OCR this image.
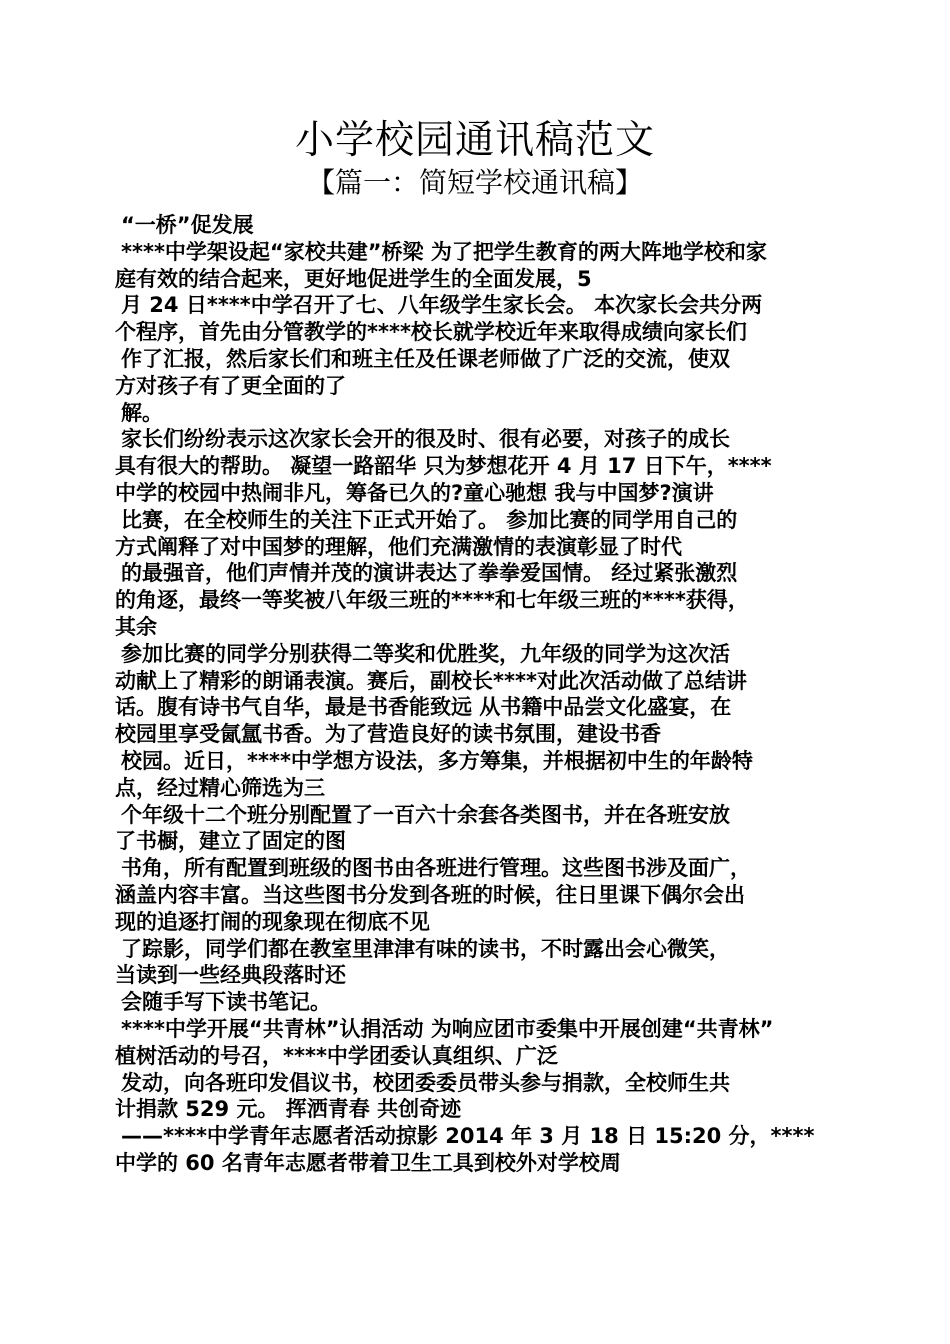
小学校园通讯稿范文
【篇一：简短学校通讯稿】
“一桥”促发展
****中学架设起“家校共建”桥梁 为了把学生教育的两大阵地学校和家
庭有效的结合起来，更好地促进学生的全面发展，5
月 24 日****中学召开了七、八年级学生家长会。 本次家长会共分两
个程序，首先由分管教学的****校长就学校近年来取得成绩向家长们
作了汇报，然后家长们和班主任及任课老师做了广泛的交流，使双
方对孩子有了更全面的了
解。
家长们纷纷表示这次家长会开的很及时、很有必要，对孩子的成长
具有很大的帮助。 凝望一路韶华 只为梦想花开 4 月 17 日下午，****
中学的校园中热闹非凡，筹备已久的?童心驰想 我与中国梦?演讲
比赛，在全校师生的关注下正式开始了。 参加比赛的同学用自己的
方式阐释了对中国梦的理解，他们充满激情的表演彰显了时代
的最强音，他们声情并茂的演讲表达了拳拳爱国情。 经过紧张激烈
的角逐，最终一等奖被八年级三班的****和七年级三班的****获得，
其余
参加比赛的同学分别获得二等奖和优胜奖，九年级的同学为这次活
动献上了精彩的朗诵表演。赛后，副校长****对此次活动做了总结讲
话。腹有诗书气自华，最是书香能致远 从书籍中品尝文化盛宴，在
校园里享受氤氲书香。为了营造良好的读书氛围，建设书香
校园。近日，****中学想方设法，多方筹集，并根据初中生的年龄特
点，经过精心筛选为三
个年级十二个班分别配置了一百六十余套各类图书，并在各班安放
了书橱，建立了固定的图
书角，所有配置到班级的图书由各班进行管理。这些图书涉及面广，
涵盖内容丰富。当这些图书分发到各班的时候，往日里课下偶尔会出
现的追逐打闹的现象现在彻底不见
了踪影，同学们都在教室里津津有味的读书，不时露出会心微笑，
当读到一些经典段落时还
会随手写下读书笔记。
****中学开展“共青林”认捐活动 为响应团市委集中开展创建“共青林”
植树活动的号召，****中学团委认真组织、广泛
发动，向各班印发倡议书，校团委委员带头参与捐款，全校师生共
计捐款 529 元。 挥洒青春 共创奇迹
——****中学青年志愿者活动掠影 2014 年 3 月 18 日 15:20 分，****
中学的 60 名青年志愿者带着卫生工具到校外对学校周
